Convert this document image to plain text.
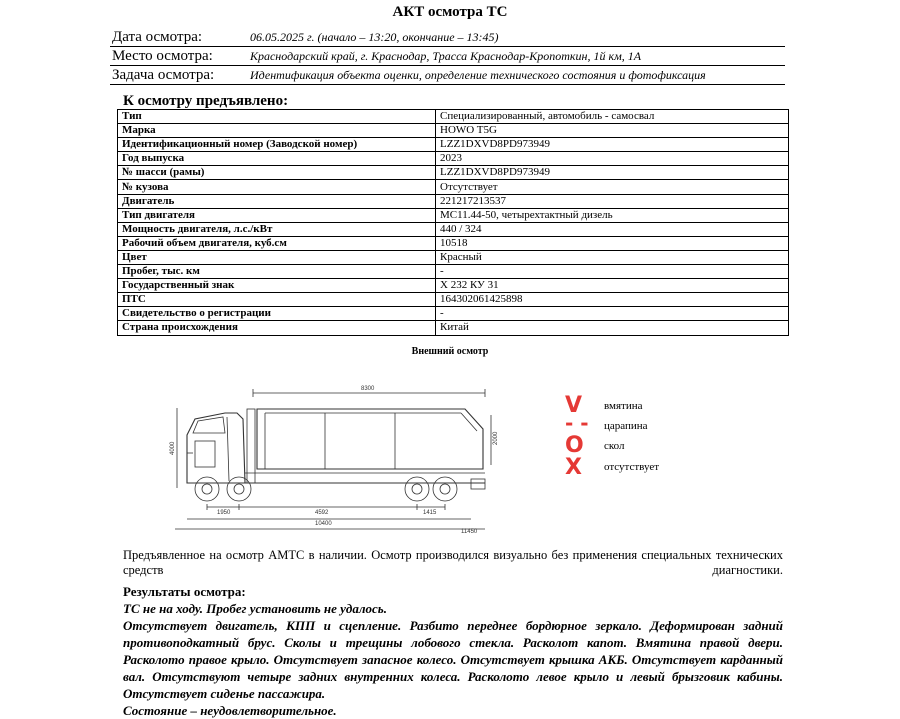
АКТ осмотра ТС
Дата осмотра:	06.05.2025 г. (начало – 13:20, окончание – 13:45)
Место осмотра:	Краснодарский край, г. Краснодар, Трасса Краснодар-Кропоткин, 1й км, 1А
Задача осмотра:	Идентификация объекта оценки, определение технического состояния и фотофиксация
К осмотру предъявлено:
Тип	Специализированный, автомобиль - самосвал
Марка	HOWO T5G
Идентификационный номер (Заводской номер)	LZZ1DXVD8PD973949
Год выпуска	2023
№ шасси (рамы)	LZZ1DXVD8PD973949
№ кузова	Отсутствует
Двигатель	221217213537
Тип двигателя	MC11.44-50, четырехтактный дизель
Мощность двигателя, л.с./кВт	440 / 324
Рабочий объем двигателя, куб.см	10518
Цвет	Красный
Пробег, тыс. км	-
Государственный знак	Х 232 КУ 31
ПТС	164302061425898
Свидетельство о регистрации	-
Страна происхождения	Китай
Внешний осмотр
8300
4000
2000
1950	4592	1415
10400
11450
V вмятина
- - царапина
O скол
X отсутствует
Предъявленное на осмотр АМТС в наличии. Осмотр производился визуально без применения специальных технических средств диагностики.
Результаты осмотра:
ТС не на ходу. Пробег установить не удалось.
Отсутствует двигатель, КПП и сцепление. Разбито переднее бордюрное зеркало. Деформирован задний противоподкатный брус. Сколы и трещины лобового стекла. Расколот капот. Вмятина правой двери. Расколото правое крыло. Отсутствует запасное колесо. Отсутствует крышка АКБ. Отсутствует карданный вал. Отсутствуют четыре задних внутренних колеса. Расколото левое крыло и левый брызговик кабины. Отсутствует сиденье пассажира.
Состояние – неудовлетворительное.
